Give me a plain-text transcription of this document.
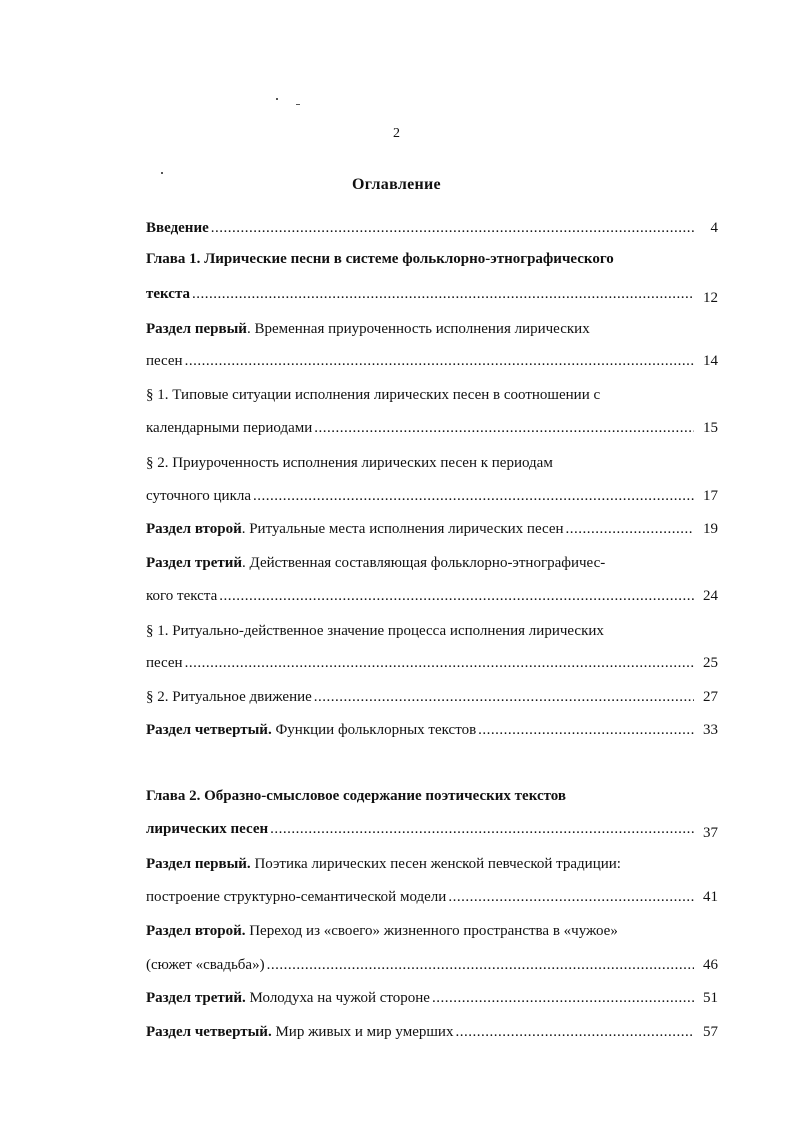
2
Оглавление
Введение .....	4
Глава 1. Лирические песни в системе фольклорно-этнографического
текста .....	12
Раздел первый. Временная приуроченность исполнения лирических
песен .....	14
§ 1. Типовые ситуации исполнения лирических песен в соотношении с
календарными периодами .....	15
§ 2. Приуроченность исполнения лирических песен к периодам
суточного цикла .....	17
Раздел второй. Ритуальные места исполнения лирических песен .....	19
Раздел третий. Действенная составляющая фольклорно-этнографичес-
кого текста .....	24
§ 1. Ритуально-действенное значение процесса исполнения лирических
песен .....	25
§ 2. Ритуальное движение .....	27
Раздел четвертый. Функции фольклорных текстов .....	33
Глава 2. Образно-смысловое содержание поэтических текстов
лирических песен .....	37
Раздел первый. Поэтика лирических песен женской певческой традиции:
построение структурно-семантической модели .....	41
Раздел второй. Переход из «своего» жизненного пространства в «чужое»
(сюжет «свадьба») .....	46
Раздел третий. Молодуха на чужой стороне .....	51
Раздел четвертый. Мир живых и мир умерших .....	57
